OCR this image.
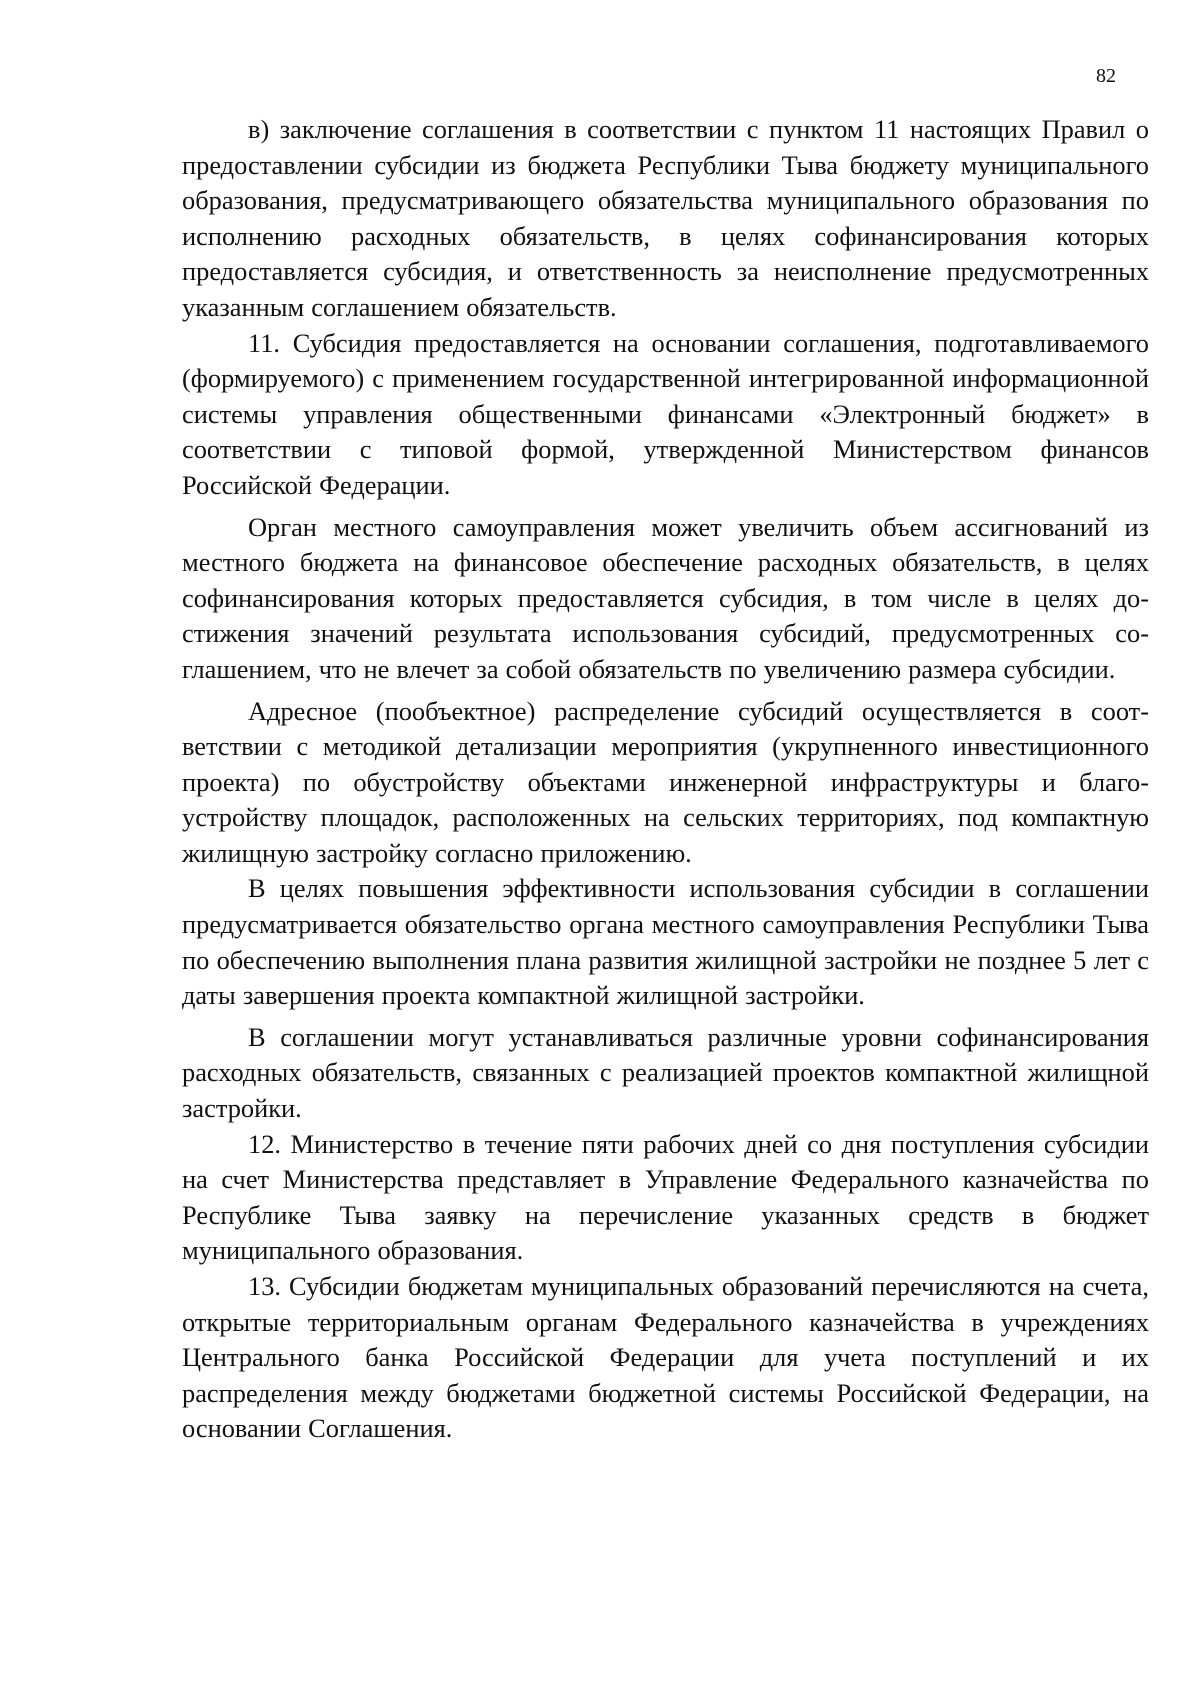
82

в) заключение соглашения в соответствии с пунктом 11 настоящих Правил о предоставлении субсидии из бюджета Республики Тыва бюджету муниципального образования, предусматривающего обязательства муниципального образования по исполнению расходных обязательств, в целях софинансирования которых предоставляется субсидия, и ответственность за неисполнение предусмотренных указанным соглашением обязательств.

11. Субсидия предоставляется на основании соглашения, подготавливаемого (формируемого) с применением государственной интегрированной информационной системы управления общественными финансами «Электронный бюджет» в соответствии с типовой формой, утвержденной Министерством финансов Российской Федерации.

Орган местного самоуправления может увеличить объем ассигнований из местного бюджета на финансовое обеспечение расходных обязательств, в целях софинансирования которых предоставляется субсидия, в том числе в целях достижения значений результата использования субсидий, предусмотренных соглашением, что не влечет за собой обязательств по увеличению размера субсидии.

Адресное (пообъектное) распределение субсидий осуществляется в соответствии с методикой детализации мероприятия (укрупненного инвестиционного проекта) по обустройству объектами инженерной инфраструктуры и благоустройству площадок, расположенных на сельских территориях, под компактную жилищную застройку согласно приложению.

В целях повышения эффективности использования субсидии в соглашении предусматривается обязательство органа местного самоуправления Республики Тыва по обеспечению выполнения плана развития жилищной застройки не позднее 5 лет с даты завершения проекта компактной жилищной застройки.

В соглашении могут устанавливаться различные уровни софинансирования расходных обязательств, связанных с реализацией проектов компактной жилищной застройки.

12. Министерство в течение пяти рабочих дней со дня поступления субсидии на счет Министерства представляет в Управление Федерального казначейства по Республике Тыва заявку на перечисление указанных средств в бюджет муниципального образования.

13. Субсидии бюджетам муниципальных образований перечисляются на счета, открытые территориальным органам Федерального казначейства в учреждениях Центрального банка Российской Федерации для учета поступлений и их распределения между бюджетами бюджетной системы Российской Федерации, на основании Соглашения.
